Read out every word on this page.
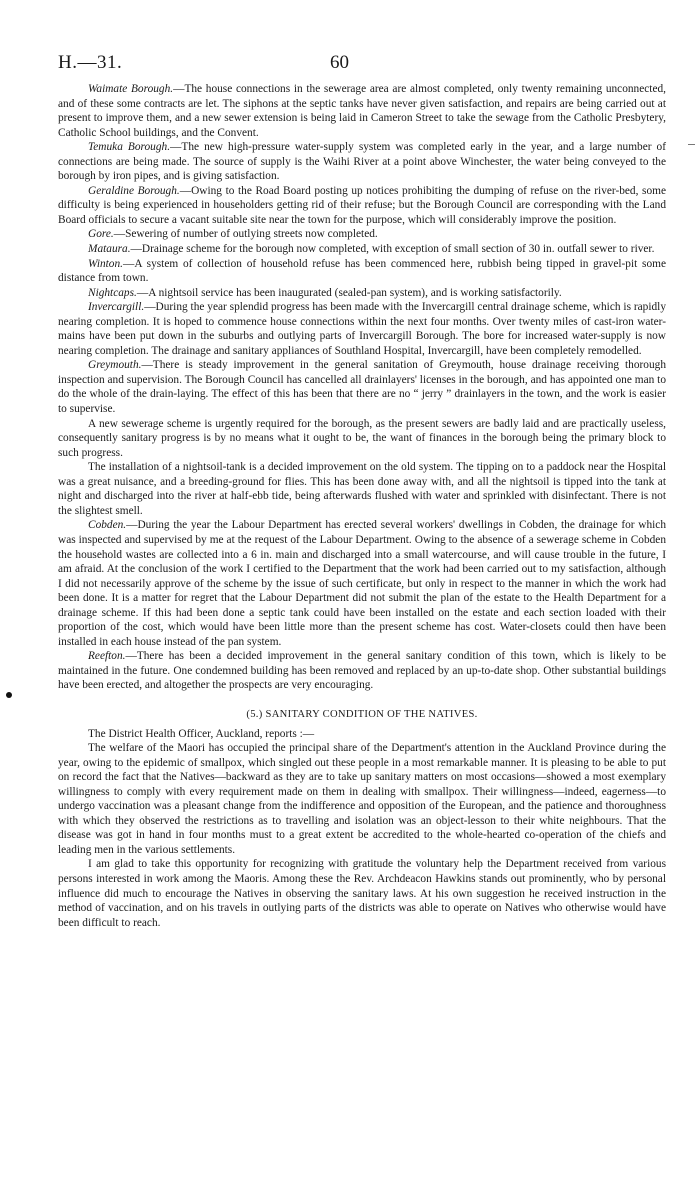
H.—31.	60

Waimate Borough.—The house connections in the sewerage area are almost completed, only twenty remaining unconnected, and of these some contracts are let. The siphons at the septic tanks have never given satisfaction, and repairs are being carried out at present to improve them, and a new sewer extension is being laid in Cameron Street to take the sewage from the Catholic Presbytery, Catholic School buildings, and the Convent.

Temuka Borough.—The new high-pressure water-supply system was completed early in the year, and a large number of connections are being made. The source of supply is the Waihi River at a point above Winchester, the water being conveyed to the borough by iron pipes, and is giving satisfaction.

Geraldine Borough.—Owing to the Road Board posting up notices prohibiting the dumping of refuse on the river-bed, some difficulty is being experienced in householders getting rid of their refuse; but the Borough Council are corresponding with the Land Board officials to secure a vacant suitable site near the town for the purpose, which will considerably improve the position.

Gore.—Sewering of number of outlying streets now completed.

Mataura.—Drainage scheme for the borough now completed, with exception of small section of 30 in. outfall sewer to river.

Winton.—A system of collection of household refuse has been commenced here, rubbish being tipped in gravel-pit some distance from town.

Nightcaps.—A nightsoil service has been inaugurated (sealed-pan system), and is working satisfactorily.

Invercargill.—During the year splendid progress has been made with the Invercargill central drainage scheme, which is rapidly nearing completion. It is hoped to commence house connections within the next four months. Over twenty miles of cast-iron water-mains have been put down in the suburbs and outlying parts of Invercargill Borough. The bore for increased water-supply is now nearing completion. The drainage and sanitary appliances of Southland Hospital, Invercargill, have been completely remodelled.

Greymouth.—There is steady improvement in the general sanitation of Greymouth, house drainage receiving thorough inspection and supervision. The Borough Council has cancelled all drainlayers' licenses in the borough, and has appointed one man to do the whole of the drain-laying. The effect of this has been that there are no “ jerry ” drainlayers in the town, and the work is easier to supervise.

A new sewerage scheme is urgently required for the borough, as the present sewers are badly laid and are practically useless, consequently sanitary progress is by no means what it ought to be, the want of finances in the borough being the primary block to such progress.

The installation of a nightsoil-tank is a decided improvement on the old system. The tipping on to a paddock near the Hospital was a great nuisance, and a breeding-ground for flies. This has been done away with, and all the nightsoil is tipped into the tank at night and discharged into the river at half-ebb tide, being afterwards flushed with water and sprinkled with disinfectant. There is not the slightest smell.

Cobden.—During the year the Labour Department has erected several workers' dwellings in Cobden, the drainage for which was inspected and supervised by me at the request of the Labour Department. Owing to the absence of a sewerage scheme in Cobden the household wastes are collected into a 6 in. main and discharged into a small watercourse, and will cause trouble in the future, I am afraid. At the conclusion of the work I certified to the Department that the work had been carried out to my satisfaction, although I did not necessarily approve of the scheme by the issue of such certificate, but only in respect to the manner in which the work had been done. It is a matter for regret that the Labour Department did not submit the plan of the estate to the Health Department for a drainage scheme. If this had been done a septic tank could have been installed on the estate and each section loaded with their proportion of the cost, which would have been little more than the present scheme has cost. Water-closets could then have been installed in each house instead of the pan system.

Reefton.—There has been a decided improvement in the general sanitary condition of this town, which is likely to be maintained in the future. One condemned building has been removed and replaced by an up-to-date shop. Other substantial buildings have been erected, and altogether the prospects are very encouraging.

(5.) SANITARY CONDITION OF THE NATIVES.

The District Health Officer, Auckland, reports :—

The welfare of the Maori has occupied the principal share of the Department's attention in the Auckland Province during the year, owing to the epidemic of smallpox, which singled out these people in a most remarkable manner. It is pleasing to be able to put on record the fact that the Natives—backward as they are to take up sanitary matters on most occasions—showed a most exemplary willingness to comply with every requirement made on them in dealing with smallpox. Their willingness—indeed, eagerness—to undergo vaccination was a pleasant change from the indifference and opposition of the European, and the patience and thoroughness with which they observed the restrictions as to travelling and isolation was an object-lesson to their white neighbours. That the disease was got in hand in four months must to a great extent be accredited to the whole-hearted co-operation of the chiefs and leading men in the various settlements.

I am glad to take this opportunity for recognizing with gratitude the voluntary help the Department received from various persons interested in work among the Maoris. Among these the Rev. Archdeacon Hawkins stands out prominently, who by personal influence did much to encourage the Natives in observing the sanitary laws. At his own suggestion he received instruction in the method of vaccination, and on his travels in outlying parts of the districts was able to operate on Natives who otherwise would have been difficult to reach.
